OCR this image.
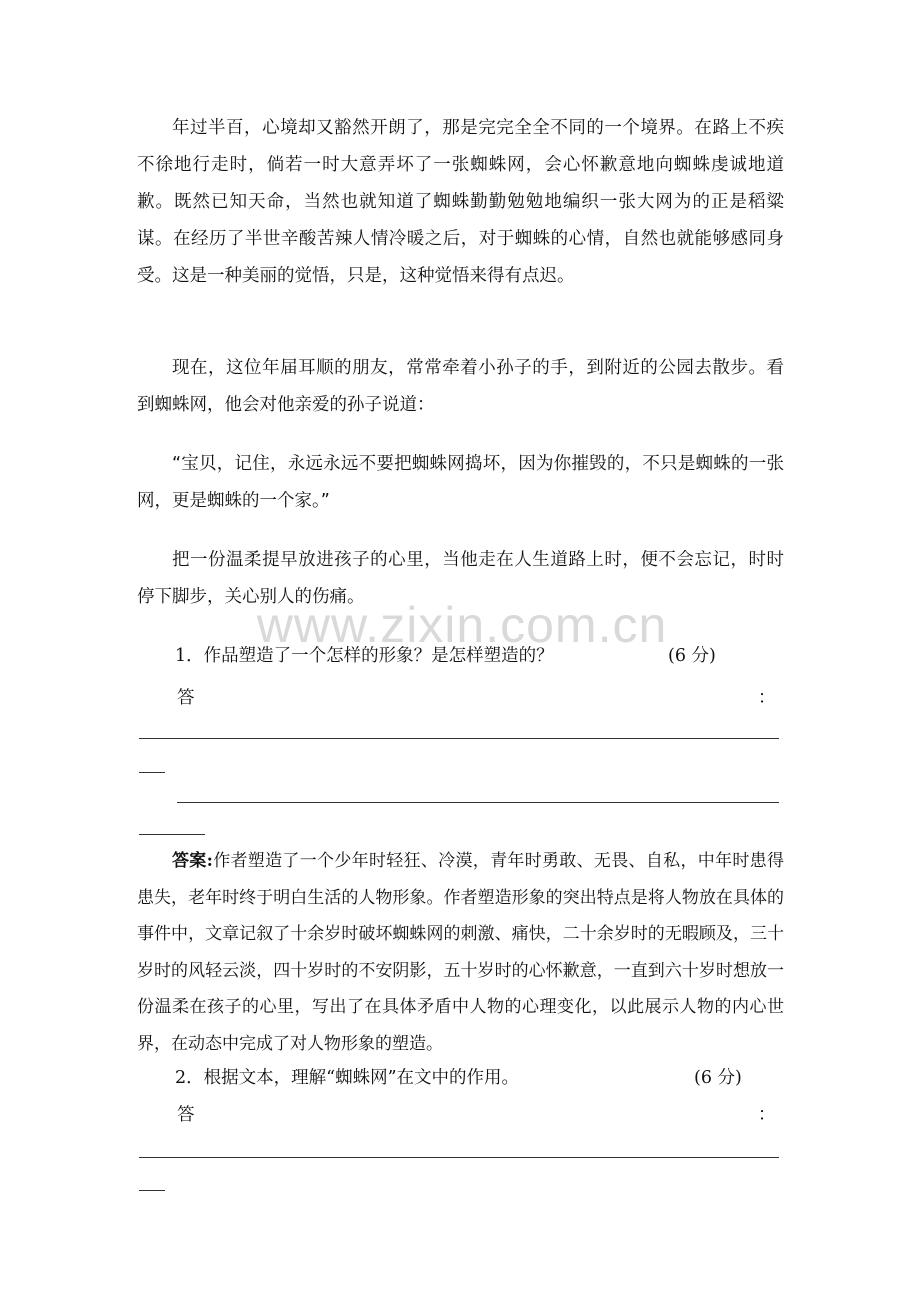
年过半百，心境却又豁然开朗了，那是完完全全不同的一个境界。在路上不疾不徐地行走时，倘若一时大意弄坏了一张蜘蛛网，会心怀歉意地向蜘蛛虔诚地道歉。既然已知天命，当然也就知道了蜘蛛勤勤勉勉地编织一张大网为的正是稻粱谋。在经历了半世辛酸苦辣人情冷暖之后，对于蜘蛛的心情，自然也就能够感同身受。这是一种美丽的觉悟，只是，这种觉悟来得有点迟。

现在，这位年届耳顺的朋友，常常牵着小孙子的手，到附近的公园去散步。看到蜘蛛网，他会对他亲爱的孙子说道：

“宝贝，记住，永远永远不要把蜘蛛网捣坏，因为你摧毁的，不只是蜘蛛的一张网，更是蜘蛛的一个家。”

把一份温柔提早放进孩子的心里，当他走在人生道路上时，便不会忘记，时时停下脚步，关心别人的伤痛。

www.zixin.com.cn
1．作品塑造了一个怎样的形象？是怎样塑造的？	(6 分)
答	：

答案:作者塑造了一个少年时轻狂、冷漠，青年时勇敢、无畏、自私，中年时患得患失，老年时终于明白生活的人物形象。作者塑造形象的突出特点是将人物放在具体的事件中，文章记叙了十余岁时破坏蜘蛛网的刺激、痛快，二十余岁时的无暇顾及，三十岁时的风轻云淡，四十岁时的不安阴影，五十岁时的心怀歉意，一直到六十岁时想放一份温柔在孩子的心里，写出了在具体矛盾中人物的心理变化，以此展示人物的内心世界，在动态中完成了对人物形象的塑造。

2．根据文本，理解“蜘蛛网”在文中的作用。	(6 分)
答	：
